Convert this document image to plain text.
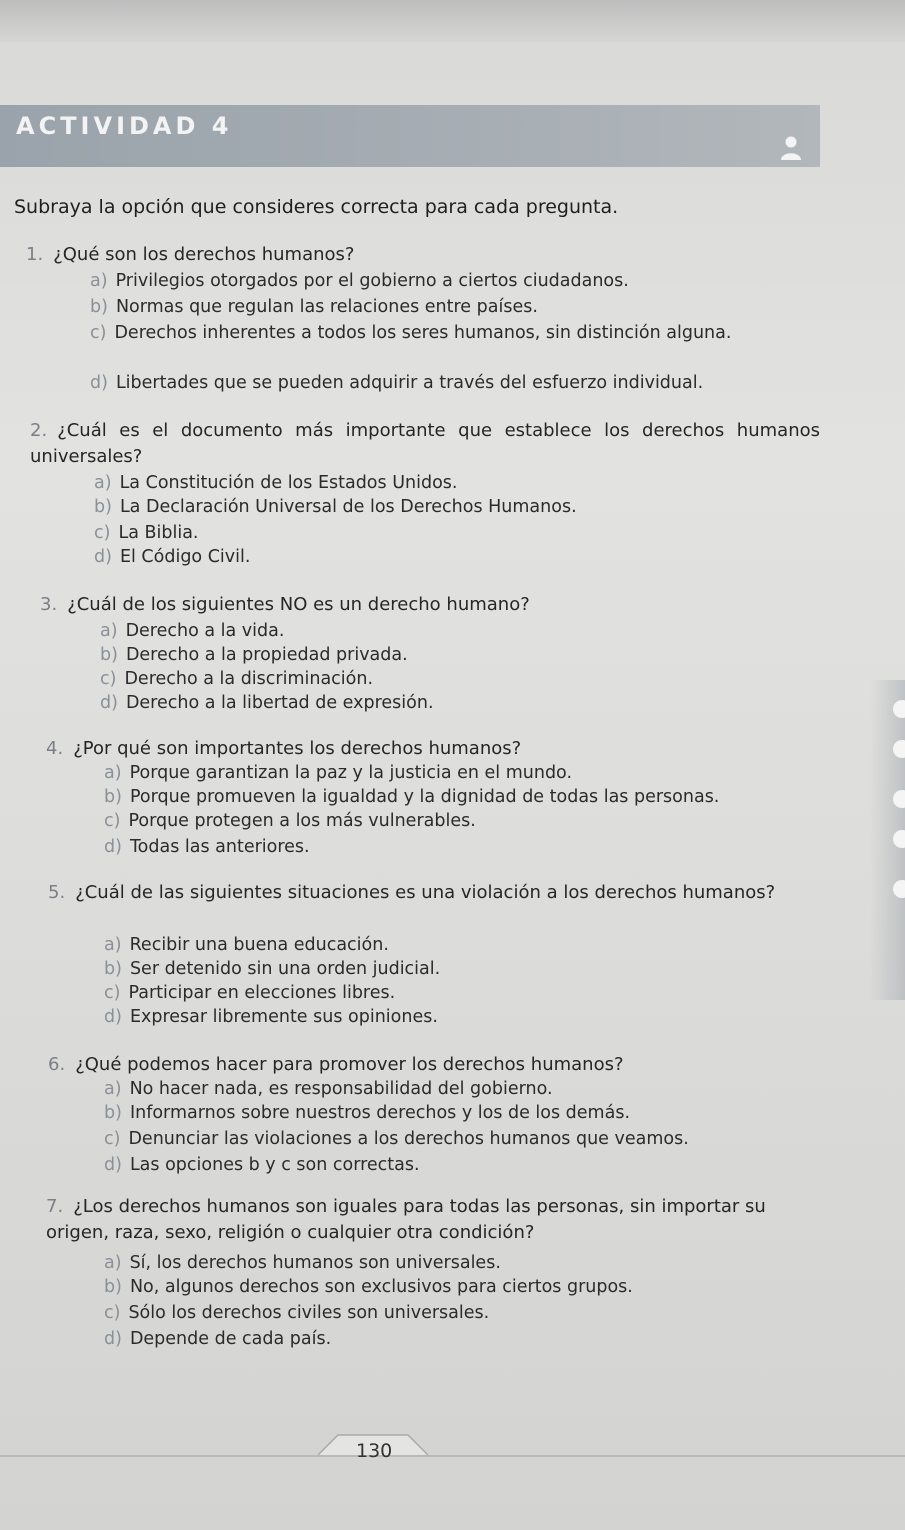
ACTIVIDAD 4
Subraya la opción que consideres correcta para cada pregunta.
1. ¿Qué son los derechos humanos?
a) Privilegios otorgados por el gobierno a ciertos ciudadanos.
b) Normas que regulan las relaciones entre países.
c) Derechos inherentes a todos los seres humanos, sin distinción alguna.
d) Libertades que se pueden adquirir a través del esfuerzo individual.
2. ¿Cuál es el documento más importante que establece los derechos humanos universales?
a) La Constitución de los Estados Unidos.
b) La Declaración Universal de los Derechos Humanos.
c) La Biblia.
d) El Código Civil.
3. ¿Cuál de los siguientes NO es un derecho humano?
a) Derecho a la vida.
b) Derecho a la propiedad privada.
c) Derecho a la discriminación.
d) Derecho a la libertad de expresión.
4. ¿Por qué son importantes los derechos humanos?
a) Porque garantizan la paz y la justicia en el mundo.
b) Porque promueven la igualdad y la dignidad de todas las personas.
c) Porque protegen a los más vulnerables.
d) Todas las anteriores.
5. ¿Cuál de las siguientes situaciones es una violación a los derechos humanos?
a) Recibir una buena educación.
b) Ser detenido sin una orden judicial.
c) Participar en elecciones libres.
d) Expresar libremente sus opiniones.
6. ¿Qué podemos hacer para promover los derechos humanos?
a) No hacer nada, es responsabilidad del gobierno.
b) Informarnos sobre nuestros derechos y los de los demás.
c) Denunciar las violaciones a los derechos humanos que veamos.
d) Las opciones b y c son correctas.
7. ¿Los derechos humanos son iguales para todas las personas, sin importar su origen, raza, sexo, religión o cualquier otra condición?
a) Sí, los derechos humanos son universales.
b) No, algunos derechos son exclusivos para ciertos grupos.
c) Sólo los derechos civiles son universales.
d) Depende de cada país.
130
